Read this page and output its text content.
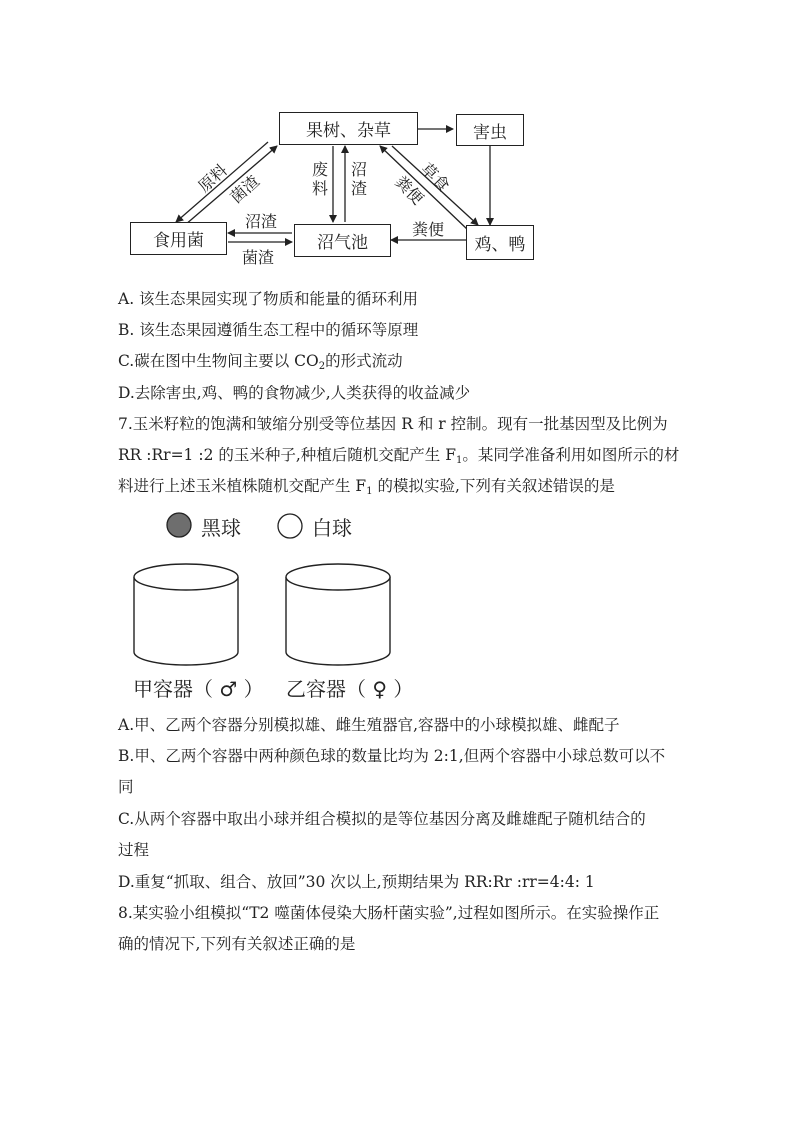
果树、杂草	害虫
食用菌	沼气池	鸡、鸭
原料
菌渣
废料
沼渣	草食
粪便
沼渣
菌渣
粪便
A. 该生态果园实现了物质和能量的循环利用
B. 该生态果园遵循生态工程中的循环等原理
C.碳在图中生物间主要以 $CO_2$的形式流动
D.去除害虫,鸡、鸭的食物减少,人类获得的收益减少
7.玉米籽粒的饱满和皱缩分别受等位基因 R 和 r 控制。现有一批基因型及比例为
RR :Rr=1 :2 的玉米种子,种植后随机交配产生 $F_1$。某同学准备利用如图所示的材
料进行上述玉米植株随机交配产生 $F_1$ 的模拟实验,下列有关叙述错误的是
黑球	白球
甲容器（ ♂ ） 乙容器（ ♀ ）
A.甲、乙两个容器分别模拟雄、雌生殖器官,容器中的小球模拟雄、雌配子
B.甲、乙两个容器中两种颜色球的数量比均为 2:1,但两个容器中小球总数可以不
同
C.从两个容器中取出小球并组合模拟的是等位基因分离及雌雄配子随机结合的
过程
D.重复“抓取、组合、放回”30 次以上,预期结果为 RR:Rr :rr=4:4: 1
8.某实验小组模拟“T2 噬菌体侵染大肠杆菌实验”,过程如图所示。在实验操作正
确的情况下,下列有关叙述正确的是
